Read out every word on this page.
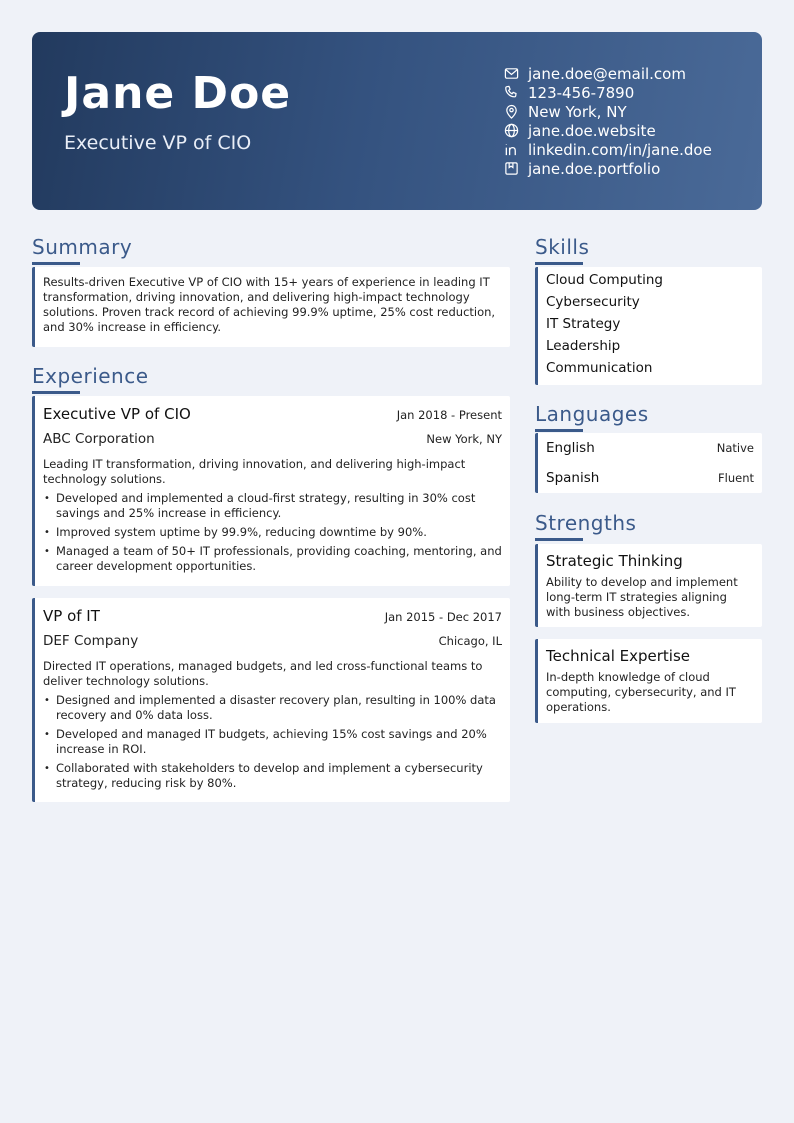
Jane Doe
Executive VP of CIO
jane.doe@email.com
123-456-7890
New York, NY
jane.doe.website
linkedin.com/in/jane.doe
jane.doe.portfolio
Summary
Results-driven Executive VP of CIO with 15+ years of experience in leading IT transformation, driving innovation, and delivering high-impact technology solutions. Proven track record of achieving 99.9% uptime, 25% cost reduction, and 30% increase in efficiency.
Experience
Executive VP of CIO	Jan 2018 - Present
ABC Corporation	New York, NY
Leading IT transformation, driving innovation, and delivering high-impact technology solutions.
• Developed and implemented a cloud-first strategy, resulting in 30% cost savings and 25% increase in efficiency.
• Improved system uptime by 99.9%, reducing downtime by 90%.
• Managed a team of 50+ IT professionals, providing coaching, mentoring, and career development opportunities.
VP of IT	Jan 2015 - Dec 2017
DEF Company	Chicago, IL
Directed IT operations, managed budgets, and led cross-functional teams to deliver technology solutions.
• Designed and implemented a disaster recovery plan, resulting in 100% data recovery and 0% data loss.
• Developed and managed IT budgets, achieving 15% cost savings and 20% increase in ROI.
• Collaborated with stakeholders to develop and implement a cybersecurity strategy, reducing risk by 80%.
Skills
Cloud Computing
Cybersecurity
IT Strategy
Leadership
Communication
Languages
English	Native
Spanish	Fluent
Strengths
Strategic Thinking
Ability to develop and implement long-term IT strategies aligning with business objectives.
Technical Expertise
In-depth knowledge of cloud computing, cybersecurity, and IT operations.
